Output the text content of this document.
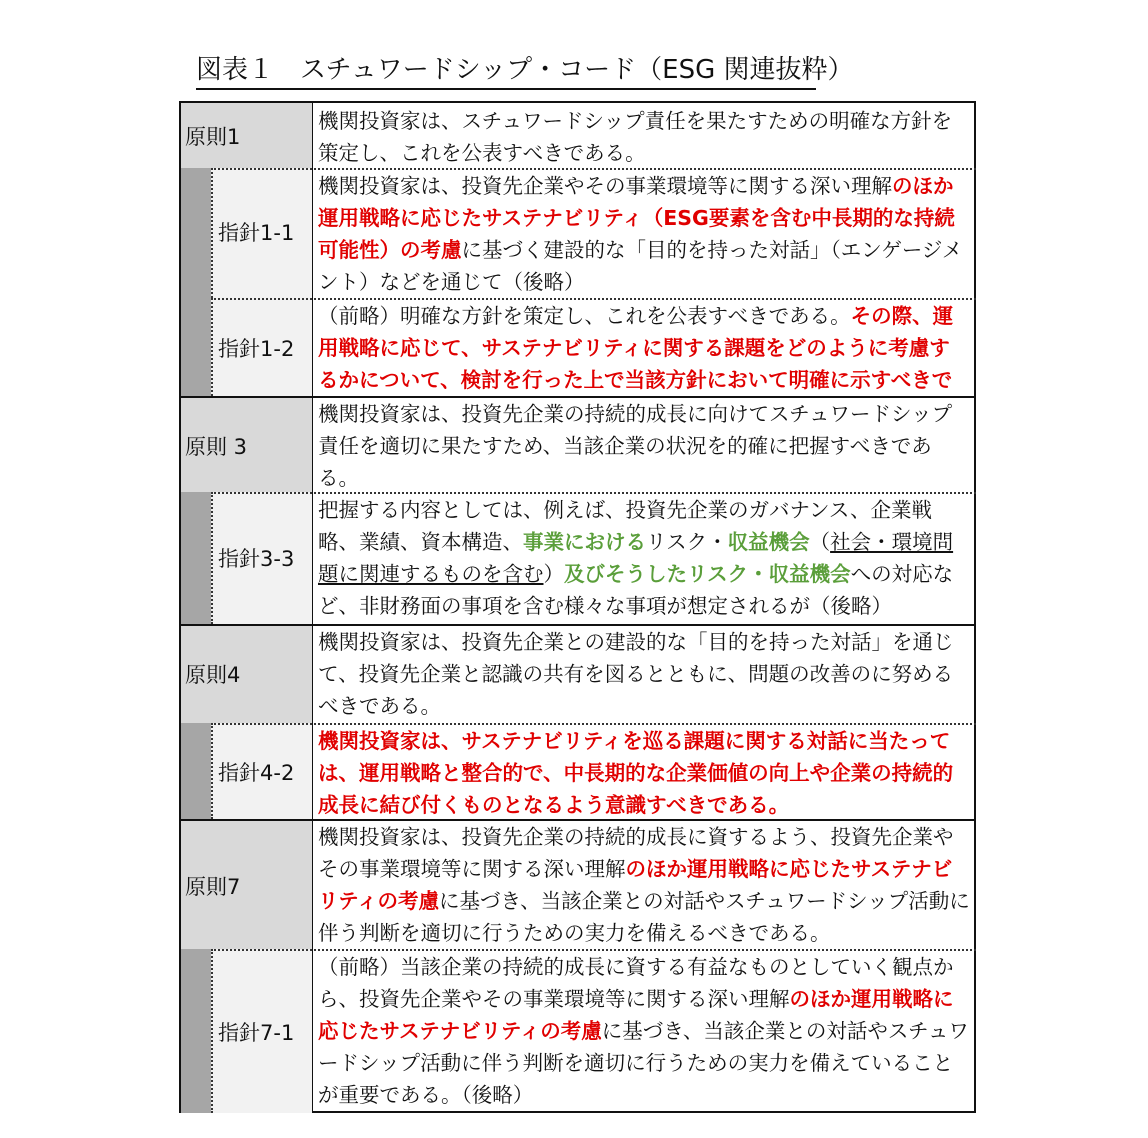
図表１　スチュワードシップ・コード（ESG 関連抜粋）
原則1
指針1-1
指針1-2
原則 3
指針3-3
原則4
指針4-2
原則7
指針7-1
機関投資家は、スチュワードシップ責任を果たすための明確な方針を策定し、これを公表すべきである。
機関投資家は、投資先企業やその事業環境等に関する深い理解のほか運用戦略に応じたサステナビリティ（ESG要素を含む中長期的な持続可能性）の考慮に基づく建設的な「目的を持った対話」（エンゲージメント）などを通じて（後略）
（前略）明確な方針を策定し、これを公表すべきである。その際、運用戦略に応じて、サステナビリティに関する課題をどのように考慮するかについて、検討を行った上で当該方針において明確に示すべきで
機関投資家は、投資先企業の持続的成長に向けてスチュワードシップ責任を適切に果たすため、当該企業の状況を的確に把握すべきである。
把握する内容としては、例えば、投資先企業のガバナンス、企業戦略、業績、資本構造、事業におけるリスク・収益機会（社会・環境問題に関連するものを含む）及びそうしたリスク・収益機会への対応など、非財務面の事項を含む様々な事項が想定されるが（後略）
機関投資家は、投資先企業との建設的な「目的を持った対話」を通じて、投資先企業と認識の共有を図るとともに、問題の改善のに努めるべきである。
機関投資家は、サステナビリティを巡る課題に関する対話に当たっては、運用戦略と整合的で、中長期的な企業価値の向上や企業の持続的成長に結び付くものとなるよう意識すべきである。
機関投資家は、投資先企業の持続的成長に資するよう、投資先企業やその事業環境等に関する深い理解のほか運用戦略に応じたサステナビリティの考慮に基づき、当該企業との対話やスチュワードシップ活動に伴う判断を適切に行うための実力を備えるべきである。
（前略）当該企業の持続的成長に資する有益なものとしていく観点から、投資先企業やその事業環境等に関する深い理解のほか運用戦略に応じたサステナビリティの考慮に基づき、当該企業との対話やスチュワードシップ活動に伴う判断を適切に行うための実力を備えていることが重要である。（後略）
